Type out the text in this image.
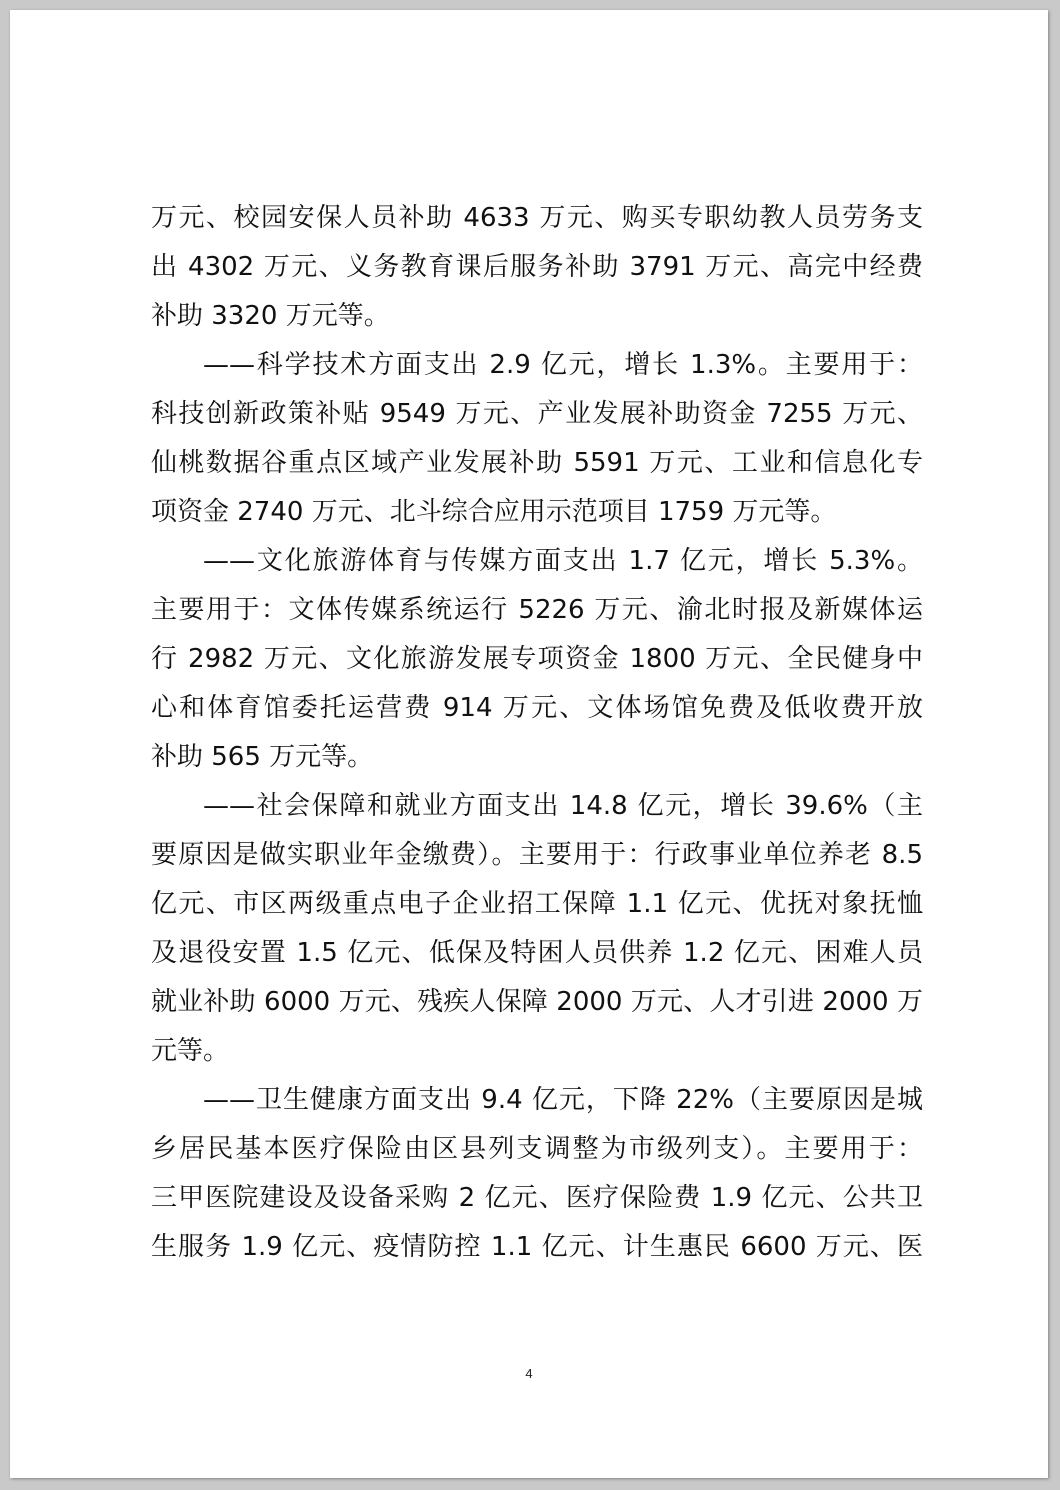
万元、校园安保人员补助 4633 万元、购买专职幼教人员劳务支
出 4302 万元、义务教育课后服务补助 3791 万元、高完中经费
补助 3320 万元等。
——科学技术方面支出 2.9 亿元，增长 1.3%。主要用于：
科技创新政策补贴 9549 万元、产业发展补助资金 7255 万元、
仙桃数据谷重点区域产业发展补助 5591 万元、工业和信息化专
项资金 2740 万元、北斗综合应用示范项目 1759 万元等。
——文化旅游体育与传媒方面支出 1.7 亿元，增长 5.3%。
主要用于：文体传媒系统运行 5226 万元、渝北时报及新媒体运
行 2982 万元、文化旅游发展专项资金 1800 万元、全民健身中
心和体育馆委托运营费 914 万元、文体场馆免费及低收费开放
补助 565 万元等。
——社会保障和就业方面支出 14.8 亿元，增长 39.6%（主
要原因是做实职业年金缴费）。主要用于：行政事业单位养老 8.5
亿元、市区两级重点电子企业招工保障 1.1 亿元、优抚对象抚恤
及退役安置 1.5 亿元、低保及特困人员供养 1.2 亿元、困难人员
就业补助 6000 万元、残疾人保障 2000 万元、人才引进 2000 万
元等。
——卫生健康方面支出 9.4 亿元，下降 22%（主要原因是城
乡居民基本医疗保险由区县列支调整为市级列支）。主要用于：
三甲医院建设及设备采购 2 亿元、医疗保险费 1.9 亿元、公共卫
生服务 1.9 亿元、疫情防控 1.1 亿元、计生惠民 6600 万元、医
4
